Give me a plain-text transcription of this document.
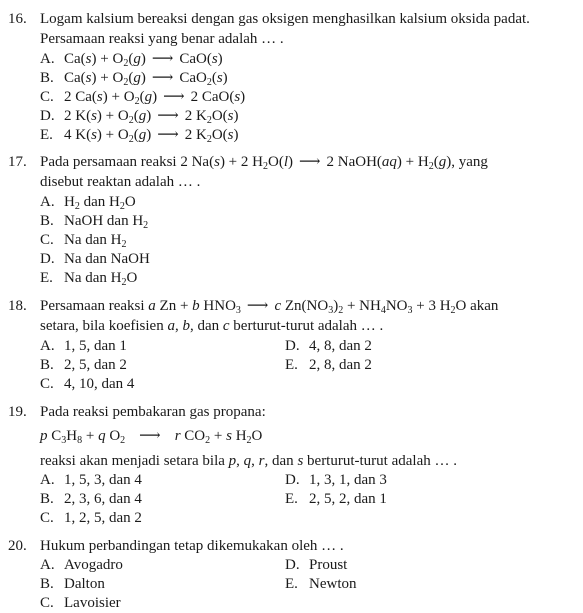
16. Logam kalsium bereaksi dengan gas oksigen menghasilkan kalsium oksida padat.
Persamaan reaksi yang benar adalah … .
A. $Ca(s) + O_2(g)$ ⟶ CaO(s)
B. $Ca(s) + O_2(g)$ ⟶ CaO$_2$(s)
C. 2 $Ca(s) + O_2(g)$ ⟶ 2 CaO(s)
D. 2 $K(s) + O_2(g)$ ⟶ 2 $K_2O(s)$
E. 4 $K(s) + O_2(g)$ ⟶ 2 $K_2O(s)$
17. Pada persamaan reaksi 2 Na(s) + 2 $H_2O(l)$ ⟶ 2 NaOH(aq) + $H_2(g)$, yang
disebut reaktan adalah … .
A. $H_2$ dan $H_2O$
B. NaOH dan $H_2$
C. Na dan $H_2$
D. Na dan NaOH
E. Na dan $H_2O$
18. Persamaan reaksi a Zn + b $HNO_3$ ⟶ c $Zn(NO_3)_2 + NH_4NO_3 + 3$ $H_2O$ akan
setara, bila koefisien a, b, dan c berturut-turut adalah … .
A. 1, 5, dan 1	D. 4, 8, dan 2
B. 2, 5, dan 2	E. 2, 8, dan 2
C. 4, 10, dan 4
19. Pada reaksi pembakaran gas propana:
p $C_3H_8 + q$ $O_2$ ⟶ r $CO_2 + s$ $H_2O$
reaksi akan menjadi setara bila p, q, r, dan s berturut-turut adalah … .
A. 1, 5, 3, dan 4	D. 1, 3, 1, dan 3
B. 2, 3, 6, dan 4	E. 2, 5, 2, dan 1
C. 1, 2, 5, dan 2
20. Hukum perbandingan tetap dikemukakan oleh … .
A. Avogadro	D. Proust
B. Dalton	E. Newton
C. Lavoisier
